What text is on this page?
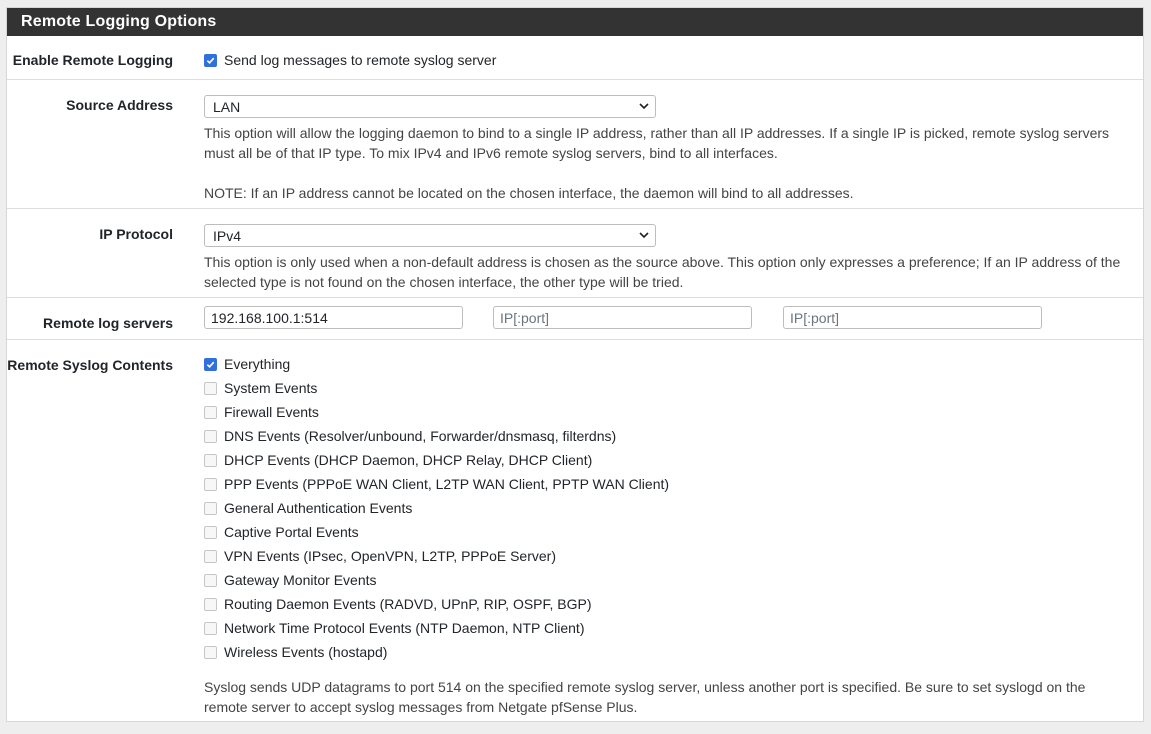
Remote Logging Options
Enable Remote Logging	Send log messages to remote syslog server
Source Address
LAN
This option will allow the logging daemon to bind to a single IP address, rather than all IP addresses. If a single IP is picked, remote syslog servers must all be of that IP type. To mix IPv4 and IPv6 remote syslog servers, bind to all interfaces.
NOTE: If an IP address cannot be located on the chosen interface, the daemon will bind to all addresses.
IP Protocol
IPv4
This option is only used when a non-default address is chosen as the source above. This option only expresses a preference; If an IP address of the selected type is not found on the chosen interface, the other type will be tried.
Remote log servers
192.168.100.1:514
IP[:port]
IP[:port]
Remote Syslog Contents	Everything
System Events
Firewall Events
DNS Events (Resolver/unbound, Forwarder/dnsmasq, filterdns)
DHCP Events (DHCP Daemon, DHCP Relay, DHCP Client)
PPP Events (PPPoE WAN Client, L2TP WAN Client, PPTP WAN Client)
General Authentication Events
Captive Portal Events
VPN Events (IPsec, OpenVPN, L2TP, PPPoE Server)
Gateway Monitor Events
Routing Daemon Events (RADVD, UPnP, RIP, OSPF, BGP)
Network Time Protocol Events (NTP Daemon, NTP Client)
Wireless Events (hostapd)
Syslog sends UDP datagrams to port 514 on the specified remote syslog server, unless another port is specified. Be sure to set syslogd on the remote server to accept syslog messages from Netgate pfSense Plus.
